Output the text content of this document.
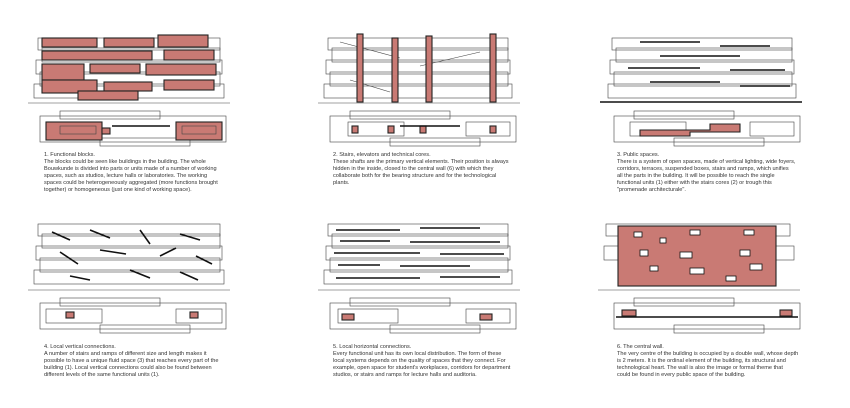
1. Functional blocks.
The blocks could be seen like buildings in the building. The whole
Bouwkunde is divided into parts or units made of a number of working
spaces, such as studios, lecture halls or laboratories. The working
spaces could be heterogeneously aggregated (more functions brought
together) or homogeneous (just one kind of working space).
2. Stairs, elevators and technical cores.
These shafts are the primary vertical elements. Their position is always
hidden in the inside, closed to the central wall (6) with which they
collaborate both for the bearing structure and for the technological
plants.
3. Public spaces.
There is a system of open spaces, made of vertical lighting, wide foyers,
corridors, terraces, suspended boxes, stairs and ramps, which unifies
all the parts in the building. It will be possible to reach the single
functional units (1) either with the stairs cores (2) or trough this
"promenade architecturale".
4. Local vertical connections.
A number of stairs and ramps of different size and length makes it
possible to have a unique fluid space (3) that reaches every part of the
building (1). Local vertical connections could also be found between
different levels of the same functional units (1).
5. Local horizontal connections.
Every functional unit has its own local distribution. The form of these
local systems depends on the quality of spaces that they connect. For
example, open space for student's workplaces, corridors for department
studios, or stairs and ramps for lecture halls and auditoria.
6. The central wall.
The very centre of the building is occupied by a double wall, whose depth
is 2 meters. It is the ordinal element of the building, its structural and
technological heart. The wall is also the image or formal theme that
could be found in every public space of the building.
